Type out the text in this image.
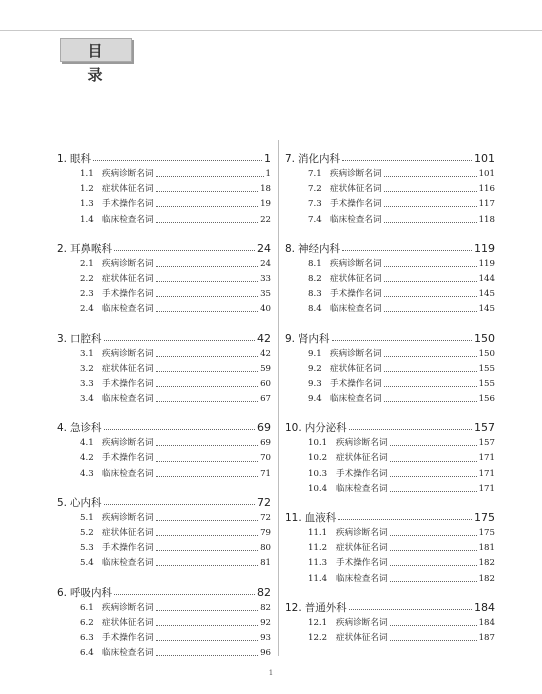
目 录
1. 眼科	1
1.1 疾病诊断名词	1
1.2 症状体征名词	18
1.3 手术操作名词	19
1.4 临床检查名词	22
2. 耳鼻喉科	24
2.1 疾病诊断名词	24
2.2 症状体征名词	33
2.3 手术操作名词	35
2.4 临床检查名词	40
3. 口腔科	42
3.1 疾病诊断名词	42
3.2 症状体征名词	59
3.3 手术操作名词	60
3.4 临床检查名词	67
4. 急诊科	69
4.1 疾病诊断名词	69
4.2 手术操作名词	70
4.3 临床检查名词	71
5. 心内科	72
5.1 疾病诊断名词	72
5.2 症状体征名词	79
5.3 手术操作名词	80
5.4 临床检查名词	81
6. 呼吸内科	82
6.1 疾病诊断名词	82
6.2 症状体征名词	92
6.3 手术操作名词	93
6.4 临床检查名词	96
7. 消化内科	101
7.1 疾病诊断名词	101
7.2 症状体征名词	116
7.3 手术操作名词	117
7.4 临床检查名词	118
8. 神经内科	119
8.1 疾病诊断名词	119
8.2 症状体征名词	144
8.3 手术操作名词	145
8.4 临床检查名词	145
9. 肾内科	150
9.1 疾病诊断名词	150
9.2 症状体征名词	155
9.3 手术操作名词	155
9.4 临床检查名词	156
10. 内分泌科	157
10.1	疾病诊断名词	157
10.2	症状体征名词	171
10.3	手术操作名词	171
10.4	临床检查名词	171
11. 血液科	175
11.1	疾病诊断名词	175
11.2	症状体征名词	181
11.3	手术操作名词	182
11.4	临床检查名词	182
12. 普通外科	184
12.1	疾病诊断名词	184
12.2	症状体征名词	187
1
